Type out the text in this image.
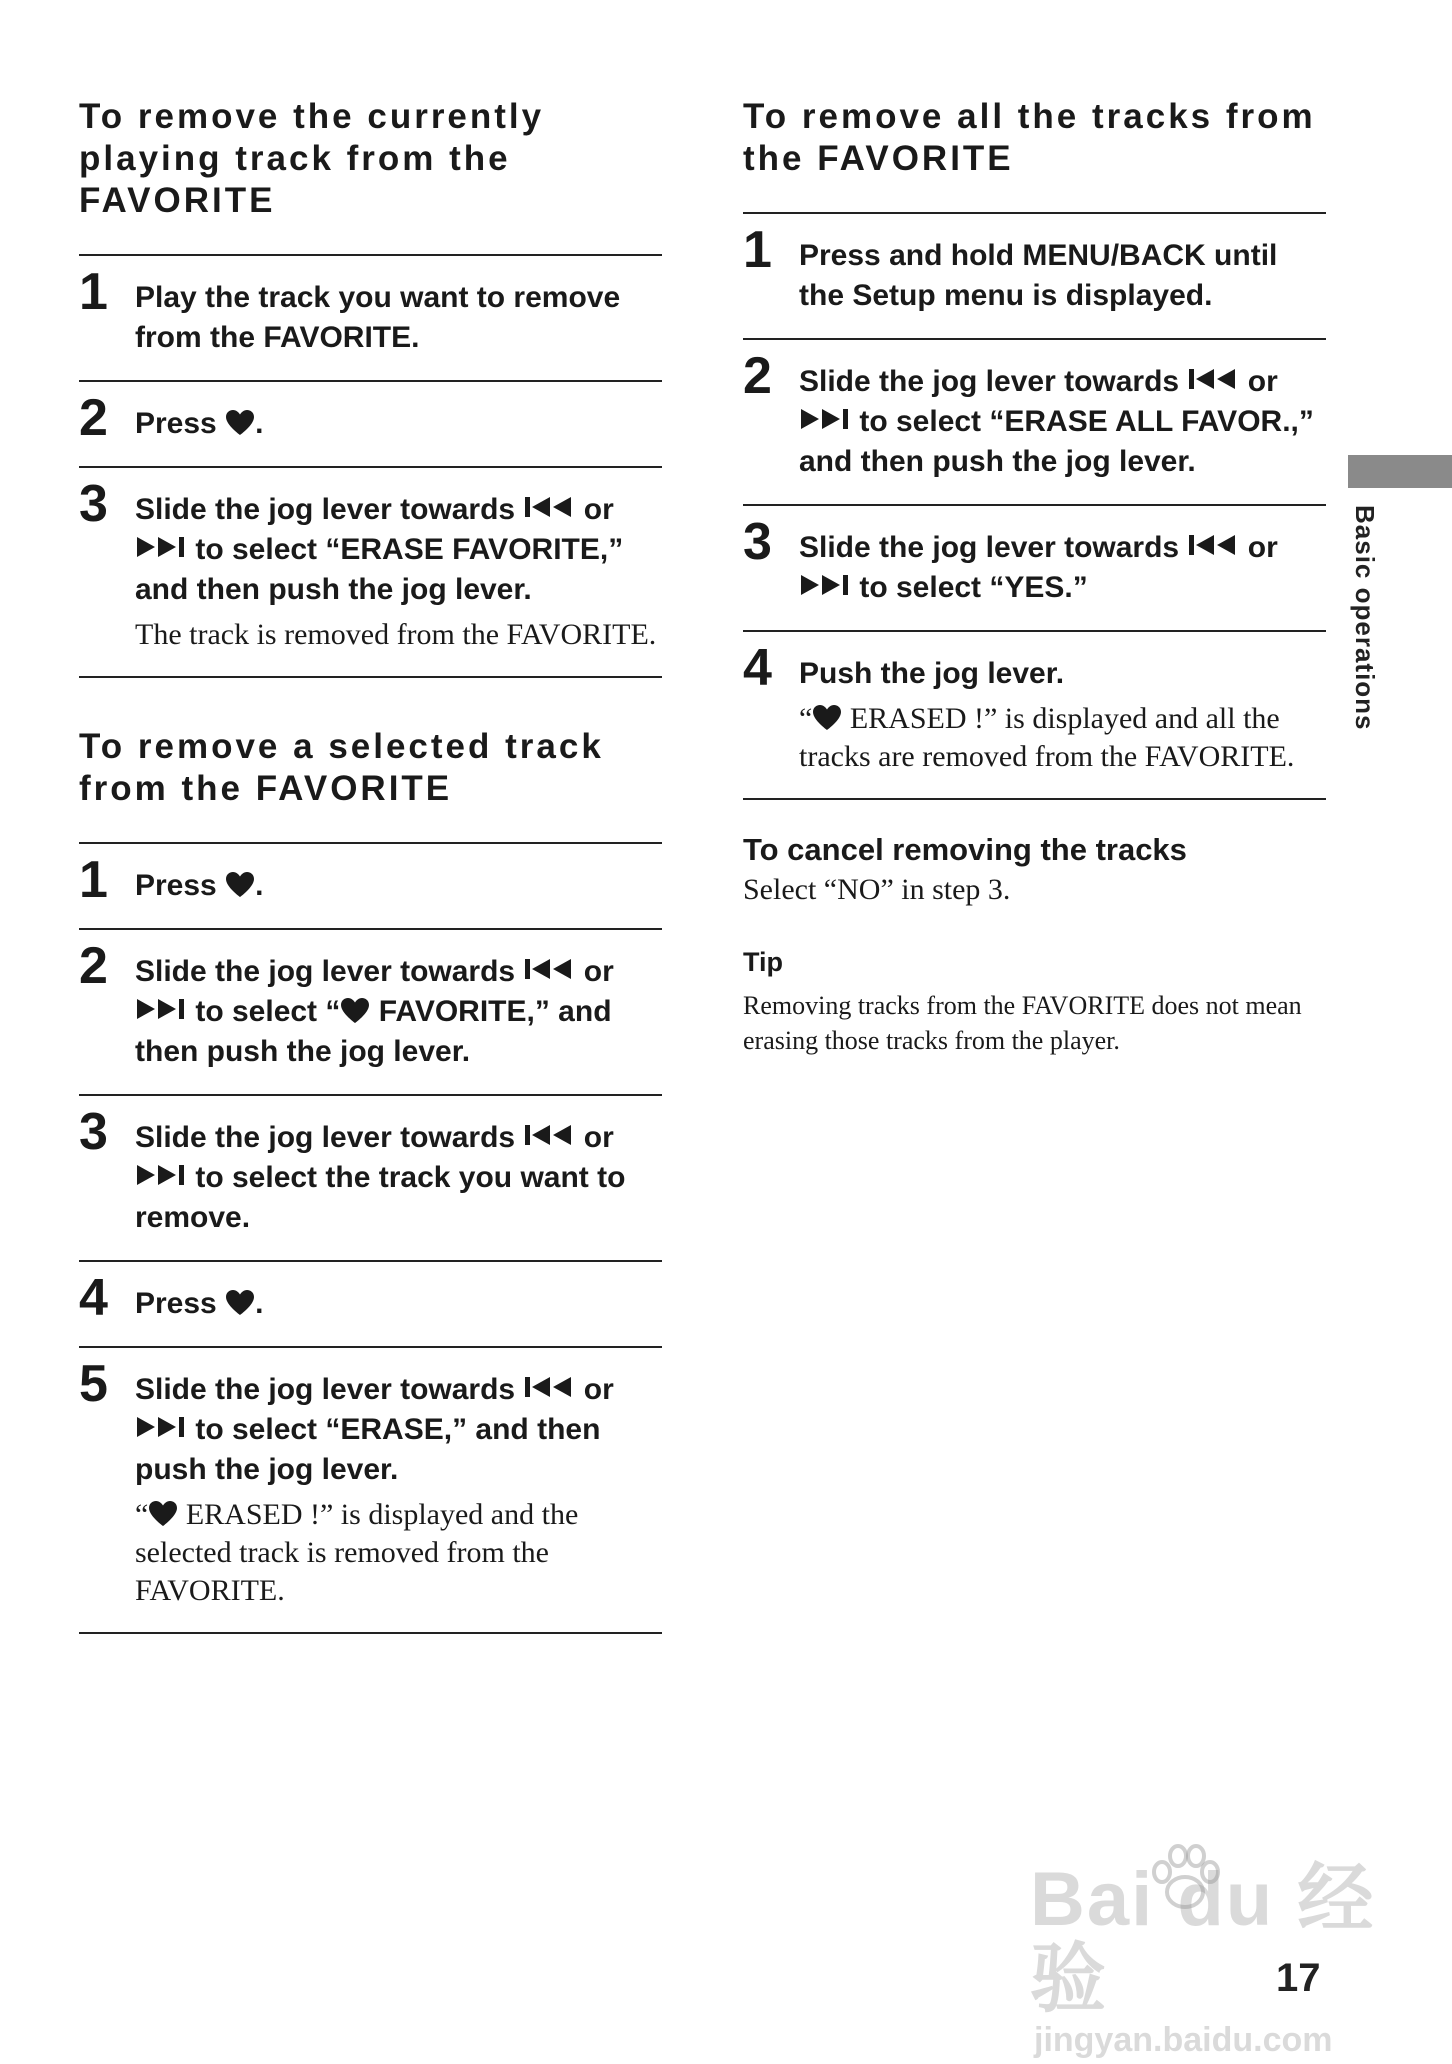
To remove the currently playing track from the FAVORITE
1 Play the track you want to remove from the FAVORITE.
2 Press .
3 Slide the jog lever towards  or  to select “ERASE FAVORITE,” and then push the jog lever.
The track is removed from the FAVORITE.
To remove a selected track from the FAVORITE
1 Press .
2 Slide the jog lever towards  or  to select “ FAVORITE,” and then push the jog lever.
3 Slide the jog lever towards  or  to select the track you want to remove.
4 Press .
5 Slide the jog lever towards  or  to select “ERASE,” and then push the jog lever.
“ ERASED !” is displayed and the selected track is removed from the FAVORITE.
To remove all the tracks from the FAVORITE
1 Press and hold MENU/BACK until the Setup menu is displayed.
2 Slide the jog lever towards  or  to select “ERASE ALL FAVOR.,” and then push the jog lever.
3 Slide the jog lever towards  or  to select “YES.”
4 Push the jog lever.
“ ERASED !” is displayed and all the tracks are removed from the FAVORITE.
To cancel removing the tracks
Select “NO” in step 3.
Tip
Removing tracks from the FAVORITE does not mean erasing those tracks from the player.
Basic operations
Bai du 经验
jingyan.baidu.com
17
